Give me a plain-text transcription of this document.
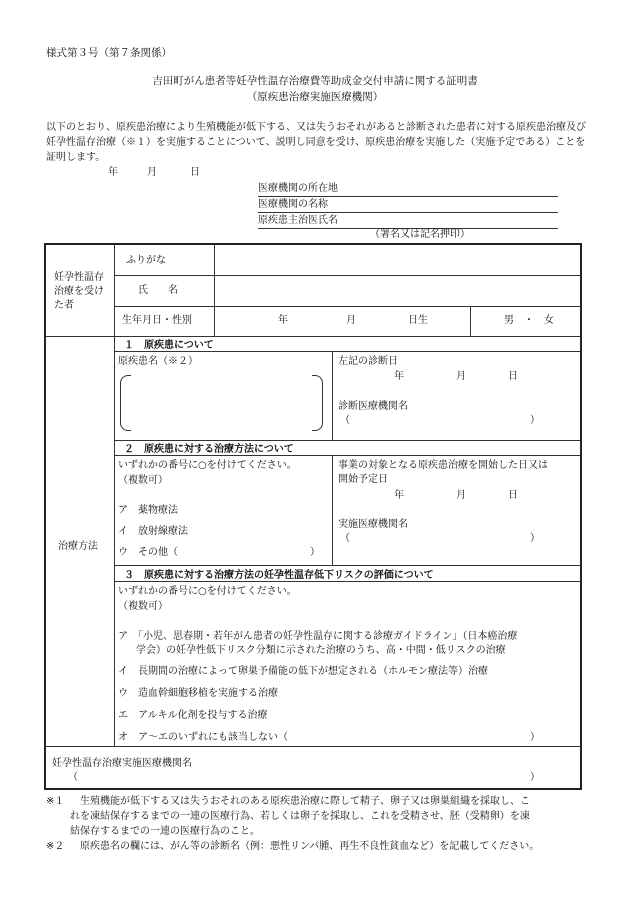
様式第３号（第７条関係）
吉田町がん患者等妊孕性温存治療費等助成金交付申請に関する証明書
（原疾患治療実施医療機関）
以下のとおり、原疾患治療により生殖機能が低下する、又は失うおそれがあると診断された患者に対する原疾患治療及び妊孕性温存治療（※１）を実施することについて、説明し同意を受け、原疾患治療を実施した（実施予定である）ことを証明します。
年	月	日
医療機関の所在地
医療機関の名称
原疾患主治医氏名
（署名又は記名押印）
妊孕性温存治療を受けた者
ふりがな
氏　　名
生年月日・性別	年	月	日生	男　・　女
治療方法
１　原疾患について
原疾患名（※２）	左記の診断日
年	月	日
診断医療機関名
（	）
２　原疾患に対する治療方法について
いずれかの番号に○を付けてください。
（複数可）
ア　薬物療法
イ　放射線療法
ウ　その他（	）
事業の対象となる原疾患治療を開始した日又は
開始予定日
年	月	日
実施医療機関名
（	）
３　原疾患に対する治療方法の妊孕性温存低下リスクの評価について
いずれかの番号に○を付けてください。
（複数可）
ア　「小児、思春期・若年がん患者の妊孕性温存に関する診療ガイドライン」（日本癌治療
学会）の妊孕性低下リスク分類に示された治療のうち、高・中間・低リスクの治療
イ　長期間の治療によって卵巣予備能の低下が想定される（ホルモン療法等）治療
ウ　造血幹細胞移植を実施する治療
エ　アルキル化剤を投与する治療
オ　ア～エのいずれにも該当しない（	）
妊孕性温存治療実施医療機関名
（	）
※１ 生殖機能が低下する又は失うおそれのある原疾患治療に際して精子、卵子又は卵巣組織を採取し、こ
れを凍結保存するまでの一連の医療行為、若しくは卵子を採取し、これを受精させ、胚（受精卵）を凍
結保存するまでの一連の医療行為のこと。
※２ 原疾患名の欄には、がん等の診断名（例：悪性リンパ腫、再生不良性貧血など）を記載してください。
